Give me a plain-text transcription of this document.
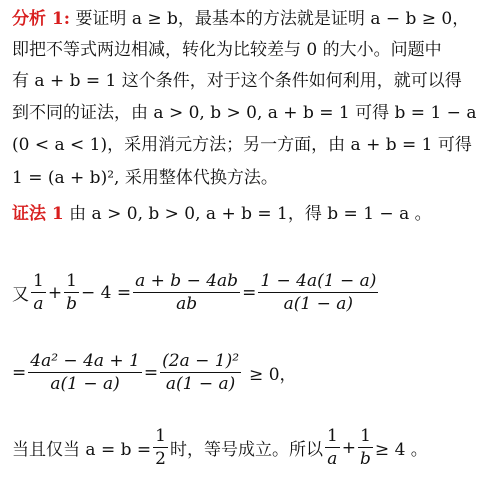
分析 1: 要证明 a ≥ b，最基本的方法就是证明 a − b ≥ 0，
即把不等式两边相减，转化为比较差与 0 的大小。问题中
有 a + b = 1 这个条件，对于这个条件如何利用，就可以得
到不同的证法，由 a > 0, b > 0, a + b = 1 可得 b = 1 − a
(0 < a < 1)，采用消元方法；另一方面，由 a + b = 1 可得
1 = (a + b)², 采用整体代换方法。
证法 1 由 a > 0, b > 0, a + b = 1，得 b = 1 − a 。
又 $\frac{1}{a} + \frac{1}{b} - 4 = \frac{a + b - 4ab}{ab} = \frac{1 - 4a(1 - a)}{a(1 - a)}$
= $\frac{\text{4a² − 4a + 1}}{a(1 - a)} = \frac{\text{(2a − 1)²}}{a(1 - a)} \ge 0$，
当且仅当 $a = b = \frac{1}{2}$ 时，等号成立。所以 $\frac{1}{a} + \frac{1}{b} \ge 4$ 。
